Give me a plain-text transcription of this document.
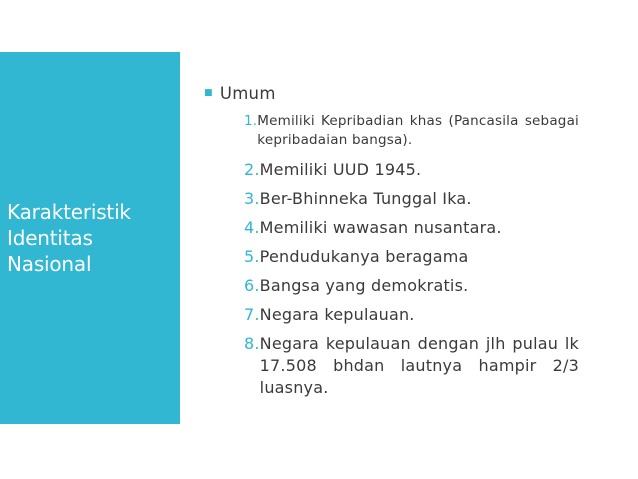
Karakteristik
Identitas
Nasional
■ Umum
1. Memiliki Kepribadian khas (Pancasila sebagai kepribadaian bangsa).
2. Memiliki UUD 1945.
3. Ber-Bhinneka Tunggal Ika.
4. Memiliki wawasan nusantara.
5. Pendudukanya beragama
6. Bangsa yang demokratis.
7. Negara kepulauan.
8. Negara kepulauan dengan jlh pulau lk 17.508 bhdan lautnya hampir 2/3 luasnya.
